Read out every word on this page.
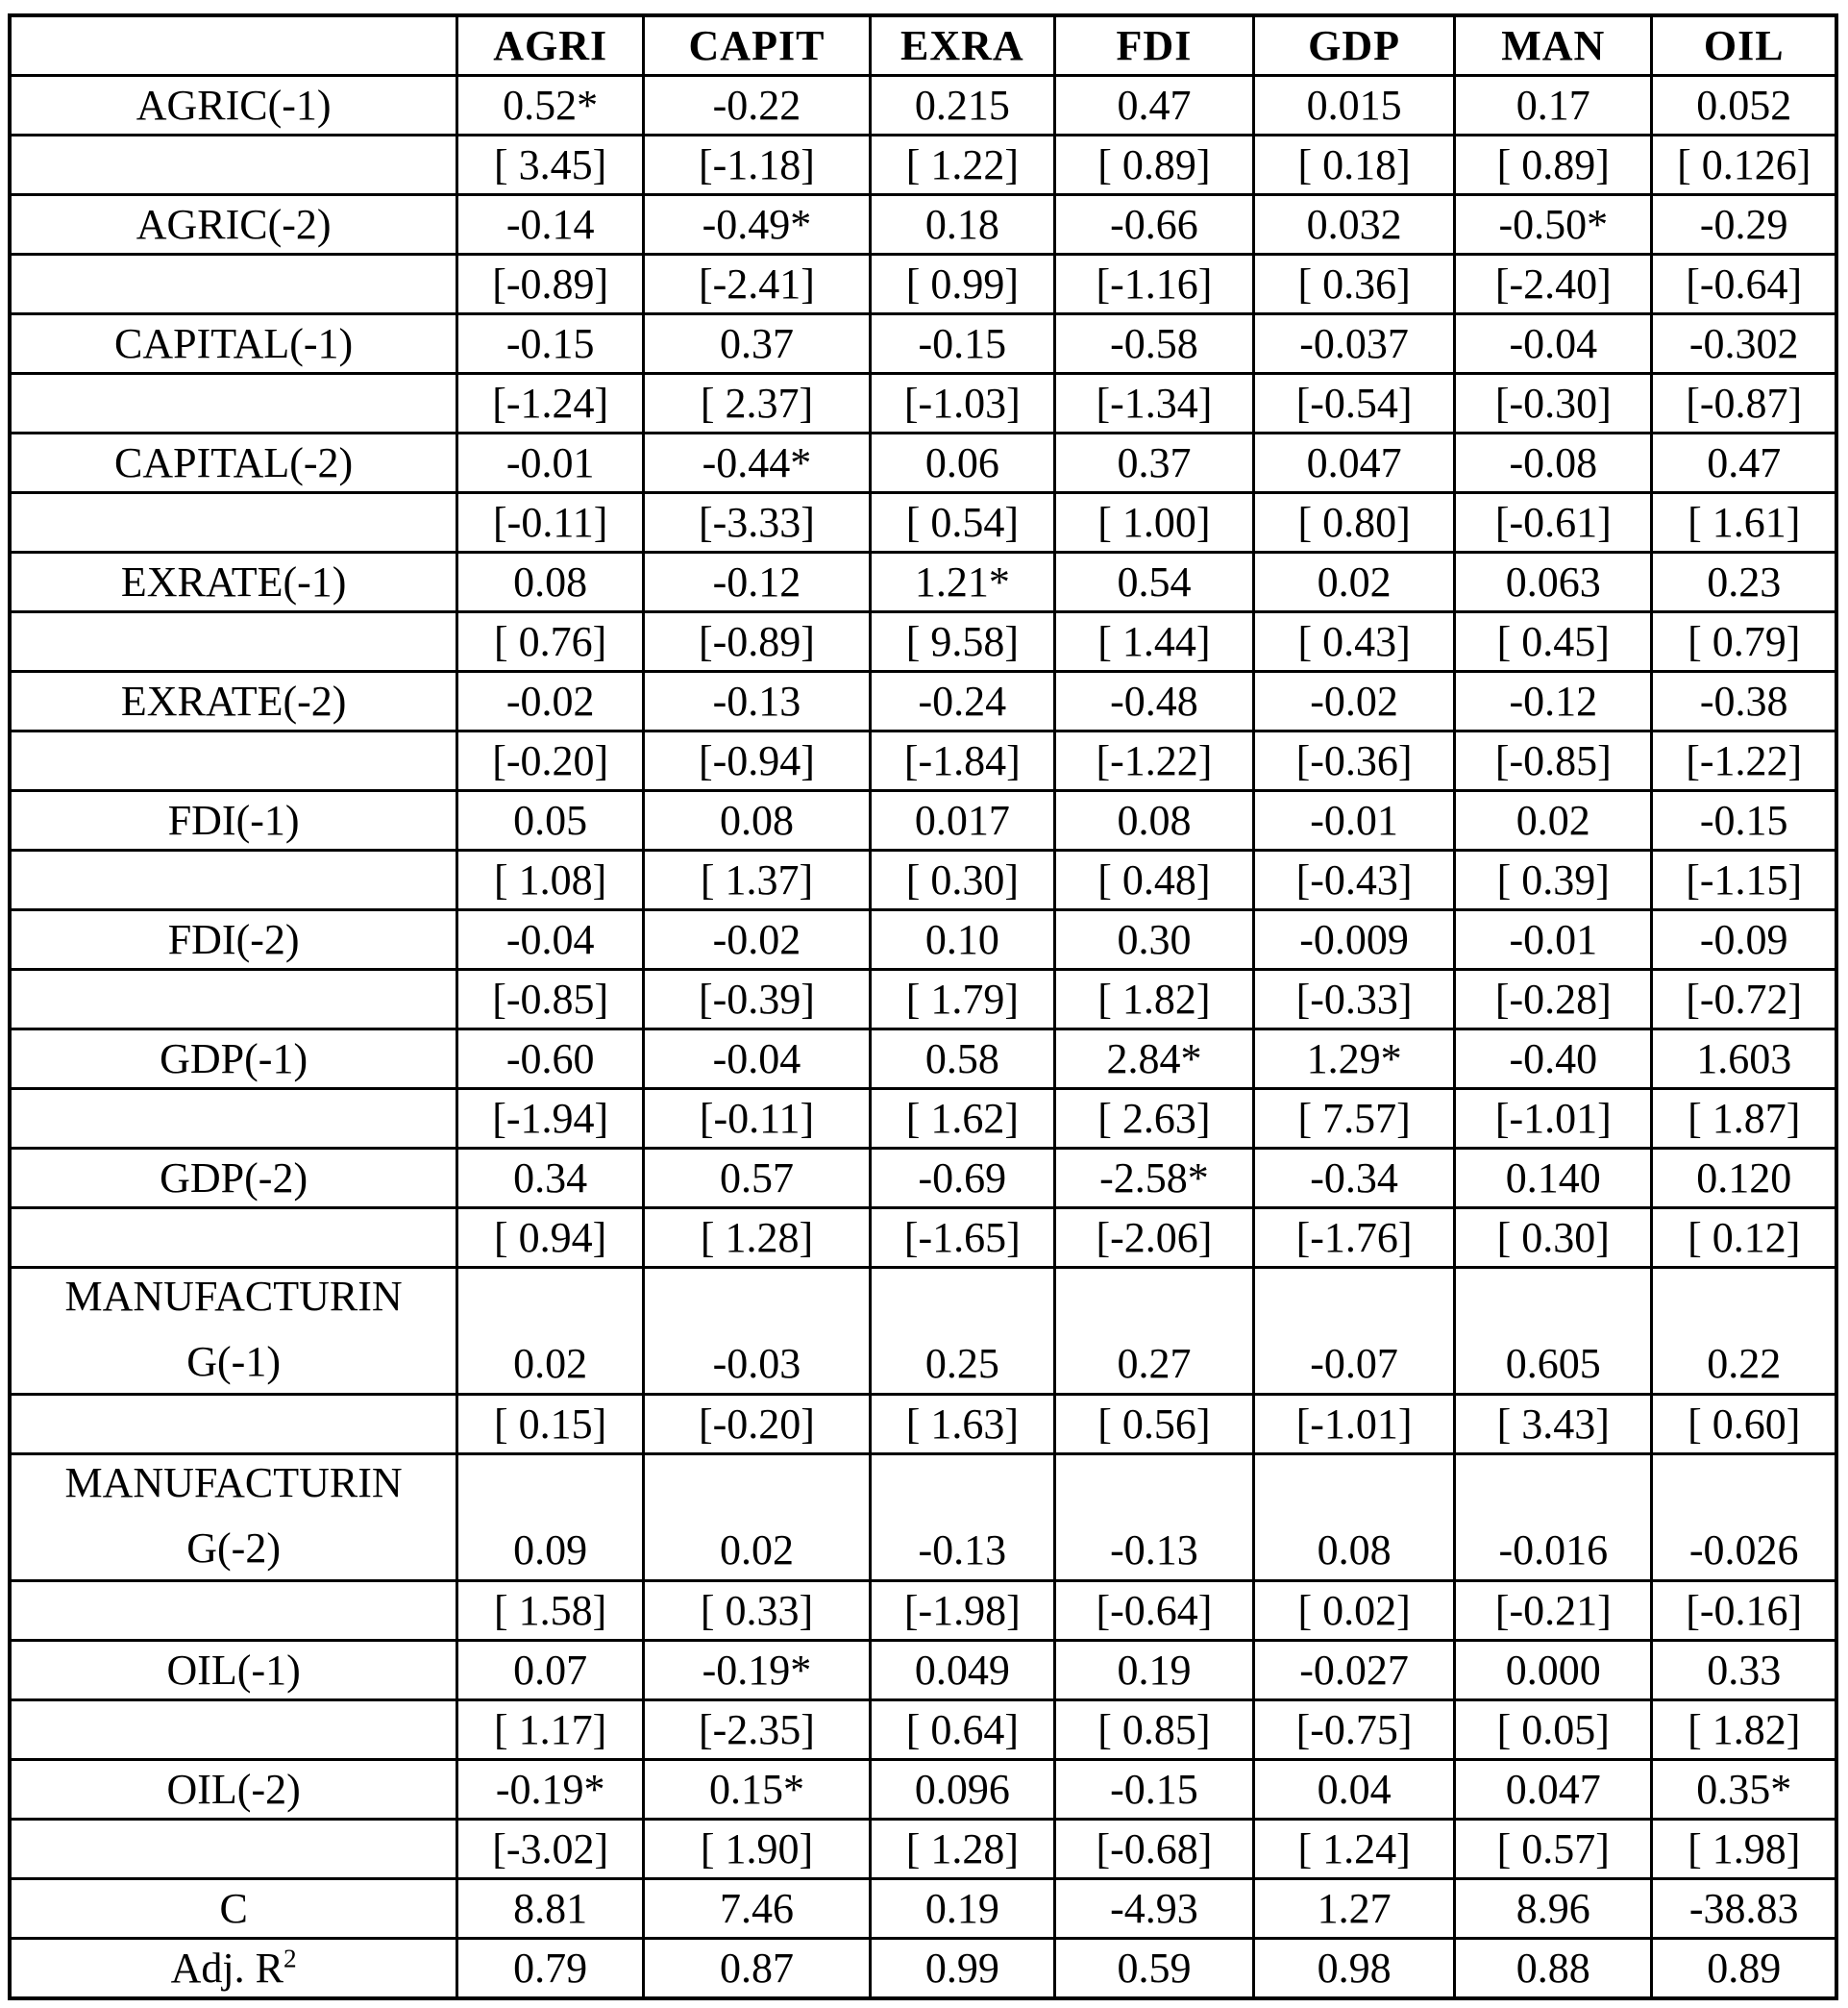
	AGRI	CAPIT	EXRA	FDI	GDP	MAN	OIL
AGRIC(-1)	0.52*	-0.22	0.215	0.47	0.015	0.17	0.052
	[ 3.45]	[-1.18]	[ 1.22]	[ 0.89]	[ 0.18]	[ 0.89]	[ 0.126]
AGRIC(-2)	-0.14	-0.49*	0.18	-0.66	0.032	-0.50*	-0.29
	[-0.89]	[-2.41]	[ 0.99]	[-1.16]	[ 0.36]	[-2.40]	[-0.64]
CAPITAL(-1)	-0.15	0.37	-0.15	-0.58	-0.037	-0.04	-0.302
	[-1.24]	[ 2.37]	[-1.03]	[-1.34]	[-0.54]	[-0.30]	[-0.87]
CAPITAL(-2)	-0.01	-0.44*	0.06	0.37	0.047	-0.08	0.47
	[-0.11]	[-3.33]	[ 0.54]	[ 1.00]	[ 0.80]	[-0.61]	[ 1.61]
EXRATE(-1)	0.08	-0.12	1.21*	0.54	0.02	0.063	0.23
	[ 0.76]	[-0.89]	[ 9.58]	[ 1.44]	[ 0.43]	[ 0.45]	[ 0.79]
EXRATE(-2)	-0.02	-0.13	-0.24	-0.48	-0.02	-0.12	-0.38
	[-0.20]	[-0.94]	[-1.84]	[-1.22]	[-0.36]	[-0.85]	[-1.22]
FDI(-1)	0.05	0.08	0.017	0.08	-0.01	0.02	-0.15
	[ 1.08]	[ 1.37]	[ 0.30]	[ 0.48]	[-0.43]	[ 0.39]	[-1.15]
FDI(-2)	-0.04	-0.02	0.10	0.30	-0.009	-0.01	-0.09
	[-0.85]	[-0.39]	[ 1.79]	[ 1.82]	[-0.33]	[-0.28]	[-0.72]
GDP(-1)	-0.60	-0.04	0.58	2.84*	1.29*	-0.40	1.603
	[-1.94]	[-0.11]	[ 1.62]	[ 2.63]	[ 7.57]	[-1.01]	[ 1.87]
GDP(-2)	0.34	0.57	-0.69	-2.58*	-0.34	0.140	0.120
	[ 0.94]	[ 1.28]	[-1.65]	[-2.06]	[-1.76]	[ 0.30]	[ 0.12]

MANUFACTURIN
G(-1)	0.02	-0.03	0.25	0.27	-0.07	0.605	0.22
	[ 0.15]	[-0.20]	[ 1.63]	[ 0.56]	[-1.01]	[ 3.43]	[ 0.60]

MANUFACTURIN
G(-2)	0.09	0.02	-0.13	-0.13	0.08	-0.016	-0.026
	[ 1.58]	[ 0.33]	[-1.98]	[-0.64]	[ 0.02]	[-0.21]	[-0.16]
OIL(-1)	0.07	-0.19*	0.049	0.19	-0.027	0.000	0.33
	[ 1.17]	[-2.35]	[ 0.64]	[ 0.85]	[-0.75]	[ 0.05]	[ 1.82]
OIL(-2)	-0.19*	0.15*	0.096	-0.15	0.04	0.047	0.35*
	[-3.02]	[ 1.90]	[ 1.28]	[-0.68]	[ 1.24]	[ 0.57]	[ 1.98]
C	8.81	7.46	0.19	-4.93	1.27	8.96	-38.83
Adj. $R^2$	0.79	0.87	0.99	0.59	0.98	0.88	0.89
